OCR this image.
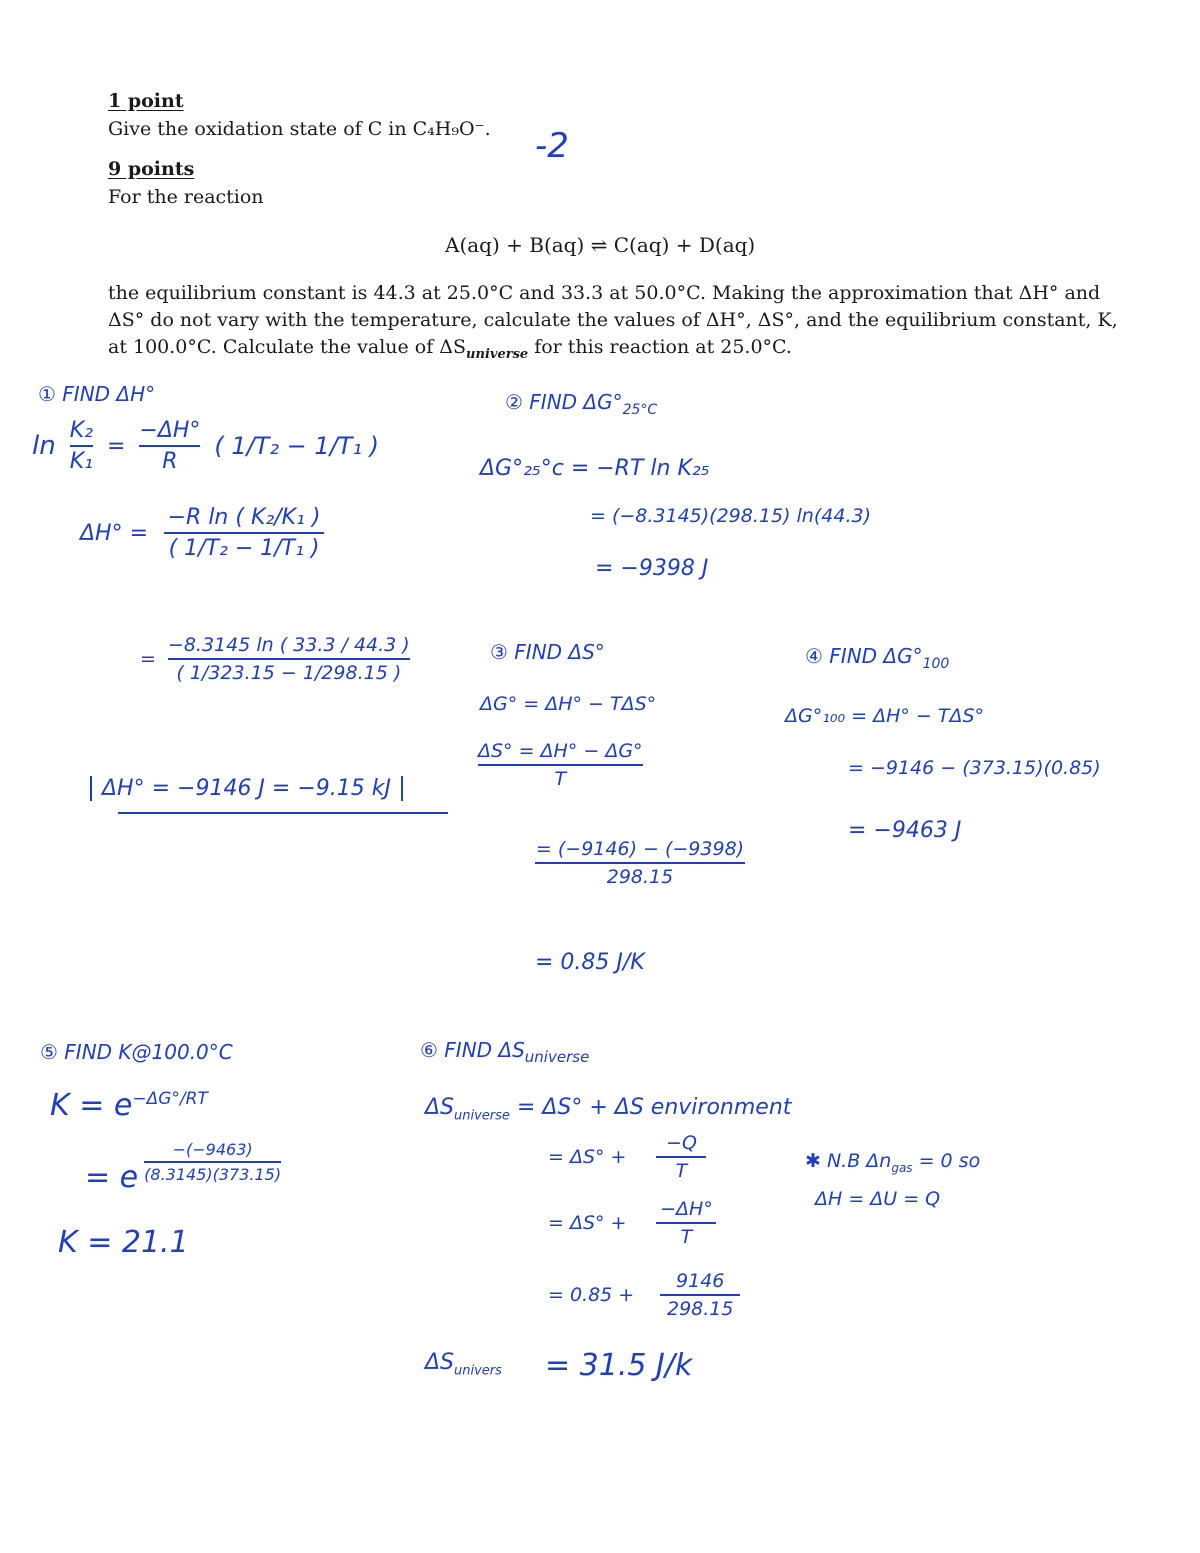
1 point
Give the oxidation state of C in C₄H₉O⁻. -2
9 points
For the reaction
A(aq) + B(aq) ⇌ C(aq) + D(aq)
the equilibrium constant is 44.3 at 25.0°C and 33.3 at 50.0°C. Making the approximation that ΔH° and ΔS° do not vary with the temperature, calculate the values of ΔH°, ΔS°, and the equilibrium constant, K, at 100.0°C. Calculate the value of $\Delta S_{universe}$ for this reaction at 25.0°C.
① FIND ΔH°
$\ln \frac{\text{K₂}}{\text{K₁}} = \frac{-\Delta H^\circ}{R}$ ( 1/T₂ − 1/T₁ )
$\Delta H^\circ = \frac{\text{−R ln ( K₂/K₁ )}}{\text{( 1/T₂ − 1/T₁ )}}$
= $\frac{-8.3145 \ln ( 33.3 / 44.3 )}{( 1/323.15 - 1/298.15 )}$
ΔH° = −9146 J = −9.15 kJ
② FIND $\Delta G^\circ_{25^\circ C}$
ΔG°₂₅°c = −RT ln K₂₅
= (−8.3145)(298.15) ln(44.3)
= −9398 J
③ FIND ΔS°
ΔG° = ΔH° − TΔS°
$\frac{\Delta S^\circ = \Delta H^\circ - \Delta G^\circ}{T}$
$\frac{= (-9146) - (-9398)}{298.15}$
= 0.85 J/K
④ FIND $\Delta G^\circ_{100}$
ΔG°₁₀₀ = ΔH° − TΔS°
= −9146 − (373.15)(0.85)
= −9463 J
⑤ FIND K@100.0°C
$K = e^{-\Delta G^\circ/RT}$
= e $\frac{-(-9463)}{(8.3145)(373.15)}$
K = 21.1
⑥ FIND $\Delta S_{universe}$
$\Delta S_{universe} = \Delta S^\circ + \Delta S$ environment
= $\Delta S^\circ + \frac{-Q}{T}$
= $\Delta S^\circ + \frac{-\Delta H^\circ}{T}$
= $0.85 + \frac{9146}{298.15}$
✱ N.B $\Delta n_{gas} = 0$ so
ΔH = ΔU = Q
$\Delta S_{univers} = 31.5$ J/k
